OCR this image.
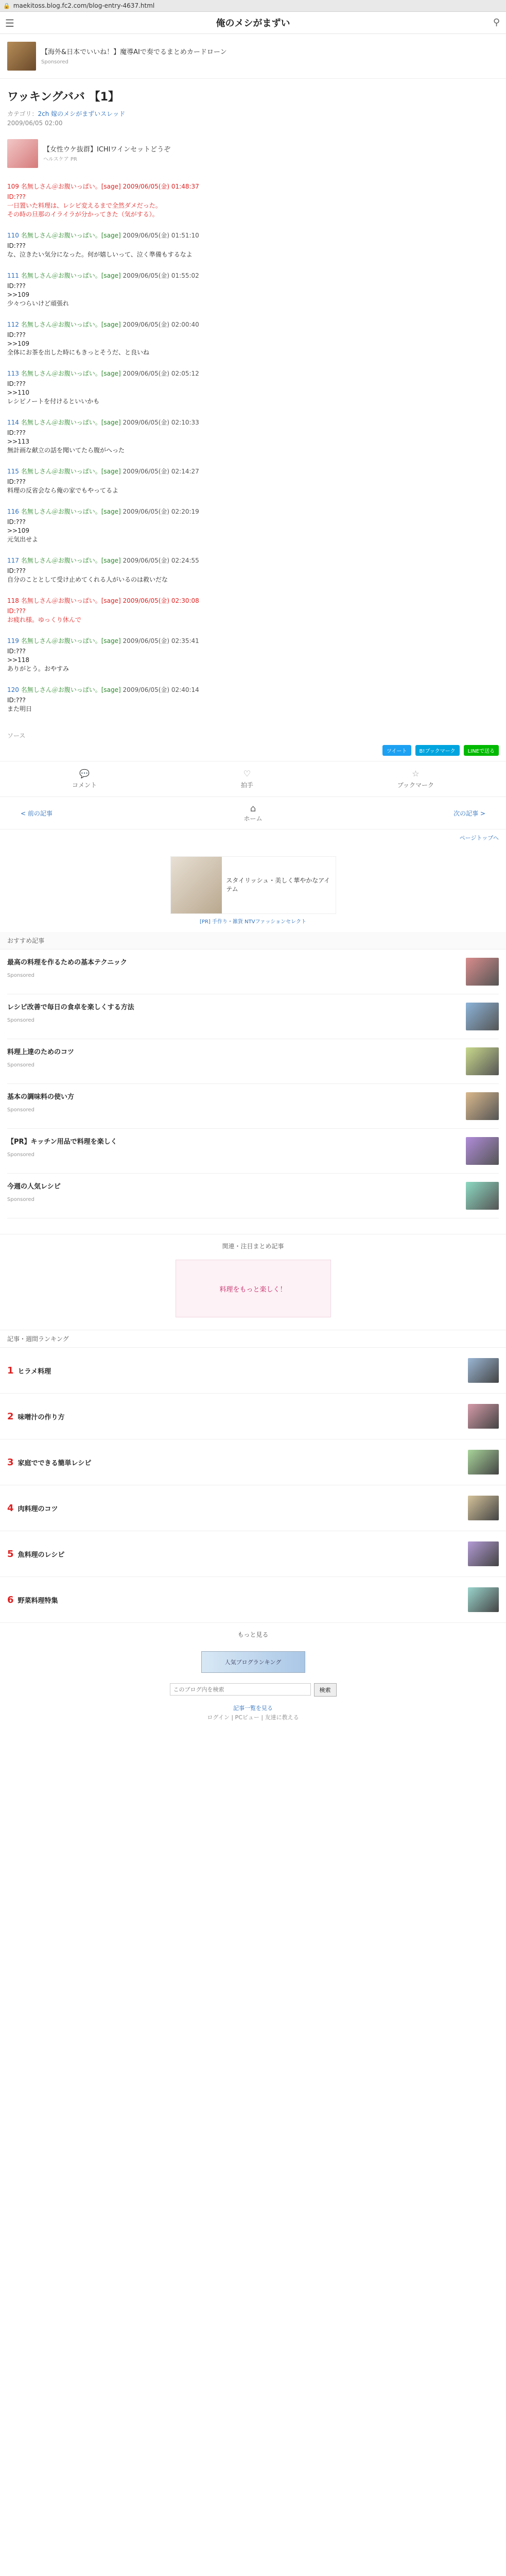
🔒 maekitoss.blog.fc2.com/blog-entry-4637.html
☰	俺のメシがまずい	⚲
【海外&日本でいいね！】魔導AIで奏でるまとめカードローン
Sponsored
ワッキングババ 【1】
カテゴリ：2ch 嫁のメシがまずいスレッド
2009/06/05 02:00
【女性ウケ抜群】ICHIワインセットどうぞ
ヘルスケア PR
109 名無しさん＠お腹いっぱい。[sage] 2009/06/05(金) 01:48:37
ID:???
一日置いた料理は、レシピ変えるまで全然ダメだった。
その時の旦那のイライラが分かってきた（気がする）。
110 名無しさん＠お腹いっぱい。[sage] 2009/06/05(金) 01:51:10
ID:???
な、泣きたい気分になった。何が嬉しいって、泣く準備もするなよ
111 名無しさん＠お腹いっぱい。[sage] 2009/06/05(金) 01:55:02
ID:???
>>109
少々つらいけど頑張れ
112 名無しさん＠お腹いっぱい。[sage] 2009/06/05(金) 02:00:40
ID:???
>>109
全体にお茶を出した時にもきっとそうだ、と良いね
113 名無しさん＠お腹いっぱい。[sage] 2009/06/05(金) 02:05:12
ID:???
>>110
レシピノートを付けるといいかも
114 名無しさん＠お腹いっぱい。[sage] 2009/06/05(金) 02:10:33
ID:???
>>113
無計画な献立の話を聞いてたら腹がへった
115 名無しさん＠お腹いっぱい。[sage] 2009/06/05(金) 02:14:27
ID:???
料理の反省会なら俺の家でもやってるよ
116 名無しさん＠お腹いっぱい。[sage] 2009/06/05(金) 02:20:19
ID:???
>>109
元気出せよ
117 名無しさん＠お腹いっぱい。[sage] 2009/06/05(金) 02:24:55
ID:???
自分のこととして受け止めてくれる人がいるのは救いだな
118 名無しさん＠お腹いっぱい。[sage] 2009/06/05(金) 02:30:08
ID:???
お疲れ様。ゆっくり休んで
119 名無しさん＠お腹いっぱい。[sage] 2009/06/05(金) 02:35:41
ID:???
>>118
ありがとう。おやすみ
120 名無しさん＠お腹いっぱい。[sage] 2009/06/05(金) 02:40:14
ID:???
また明日
ソース
ツイート	B!ブックマーク	LINEで送る
💬
コメント
♡
拍手
☆
ブックマーク
< 前の記事	⌂
ホーム
次の記事 >
ページトップへ
スタイリッシュ・美しく華やかなアイテム
[PR] 手作り・雑貨 NTVファッションセレクト
おすすめ記事
最高の料理を作るための基本テクニック
Sponsored
レシピ改善で毎日の食卓を楽しくする方法
Sponsored
料理上達のためのコツ
Sponsored
基本の調味料の使い方
Sponsored
【PR】キッチン用品で料理を楽しく
Sponsored
今週の人気レシピ
Sponsored
関連・注目まとめ記事
料理をもっと楽しく！
記事・週間ランキング
1 ヒラメ料理
2 味噌汁の作り方
3 家庭でできる簡単レシピ
4 肉料理のコツ
5 魚料理のレシピ
6 野菜料理特集
もっと見る
人気ブログランキング
このブログ内を検索
検索
記事一覧を見る
ログイン | PCビュー | 友達に教える
